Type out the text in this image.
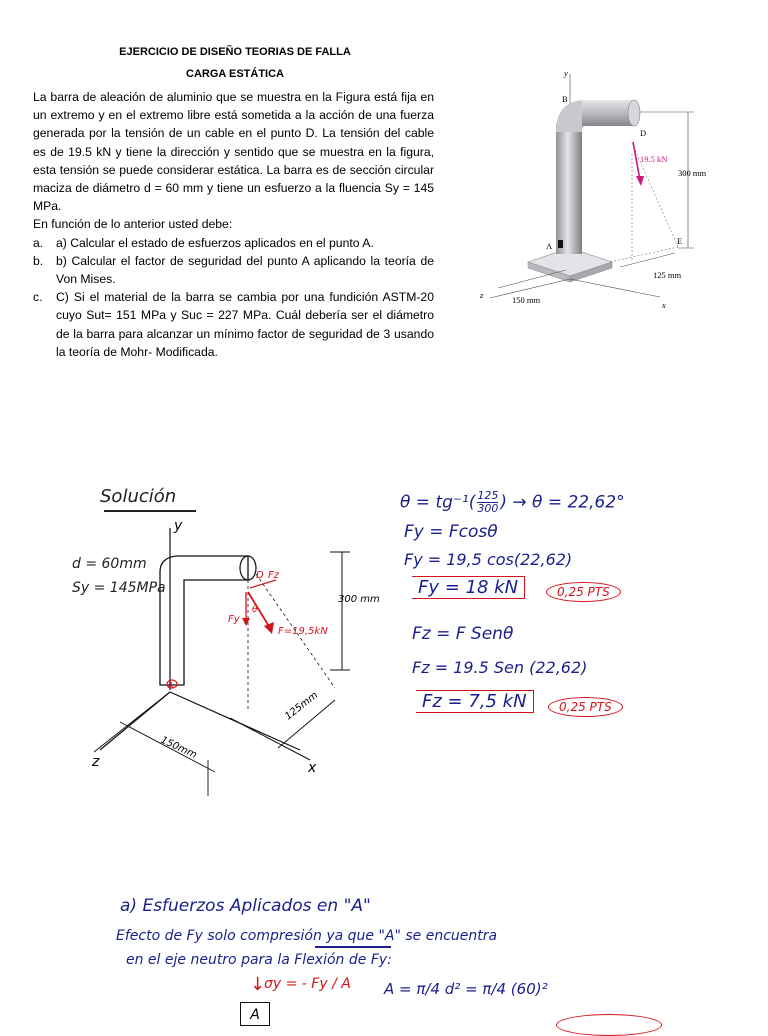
EJERCICIO DE DISEÑO TEORIAS DE FALLA
CARGA ESTÁTICA
La barra de aleación de aluminio que se muestra en la Figura está fija en un extremo y en el extremo libre está sometida a la acción de una fuerza generada por la tensión de un cable en el punto D. La tensión del cable es de 19.5 kN y tiene la dirección y sentido que se muestra en la figura, esta tensión se puede considerar estática. La barra es de sección circular maciza de diámetro d = 60 mm y tiene un esfuerzo a la fluencia Sy = 145 MPa.
En función de lo anterior usted debe:
a. a) Calcular el estado de esfuerzos aplicados en el punto A.
b. b) Calcular el factor de seguridad del punto A aplicando la teoría de Von Mises.
c. C) Si el material de la barra se cambia por una fundición ASTM-20 cuyo Sut= 151 MPa y Suc = 227 MPa. Cuál debería ser el diámetro de la barra para alcanzar un mínimo factor de seguridad de 3 usando la teoría de Mohr- Modificada.
y
B
A
D
E
300 mm
125 mm
150 mm
z
x
19.5 kN
Solución
d = 60mm
Sy = 145MPa
y
300 mm
125mm
150mm
z	x
D Fz
Fy
θ
F=19,5kN
A
$\theta = tg^{-1}( \frac{125}{300}$ ) → θ = 22,62°
Fy = Fcosθ
Fy = 19,5 cos(22,62)
Fy = 18 kN	0,25 PTS
Fz = F Senθ
Fz = 19.5 Sen (22,62)
Fz = 7,5 kN	0,25 PTS
a) Esfuerzos Aplicados en "A"
Efecto de Fy solo compresión ya que "A" se encuentra
en el eje neutro para la Flexión de Fy:
↓
σy = - Fy / A A = π/4 d² = π/4 (60)²
A
